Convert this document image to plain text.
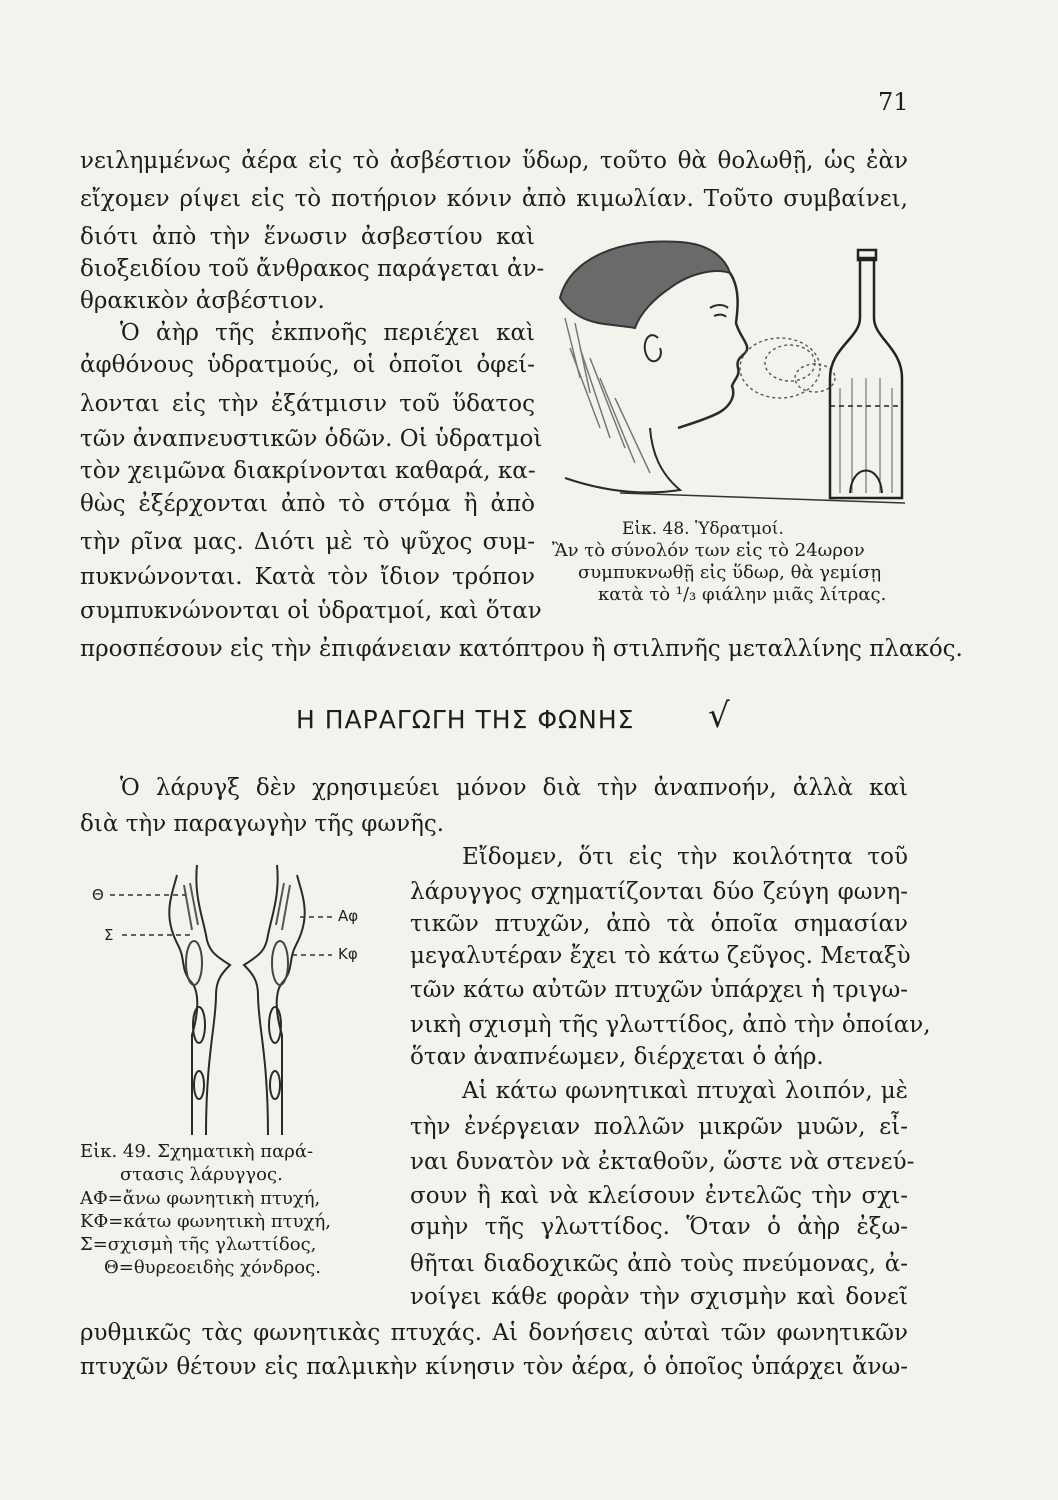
71
νειλημμένως ἀέρα εἰς τὸ ἀσβέστιον ὕδωρ, τοῦτο θὰ θολωθῇ, ὡς ἐὰν
εἴχομεν ρίψει εἰς τὸ ποτήριον κόνιν ἀπὸ κιμωλίαν. Τοῦτο συμβαίνει,
διότι ἀπὸ τὴν ἕνωσιν ἀσβεστίου καὶ
διοξειδίου τοῦ ἄνθρακος παράγεται ἀν-
θρακικὸν ἀσβέστιον.
Ὁ ἀὴρ τῆς ἐκπνοῆς περιέχει καὶ
ἀφθόνους ὑδρατμούς, οἱ ὁποῖοι ὀφεί-
λονται εἰς τὴν ἐξάτμισιν τοῦ ὕδατος
τῶν ἀναπνευστικῶν ὁδῶν. Οἱ ὑδρατμοὶ
τὸν χειμῶνα διακρίνονται καθαρά, κα-
θὼς ἐξέρχονται ἀπὸ τὸ στόμα ἢ ἀπὸ
τὴν ρῖνα μας. Διότι μὲ τὸ ψῦχος συμ-
πυκνώνονται. Κατὰ τὸν ἴδιον τρόπον
συμπυκνώνονται οἱ ὑδρατμοί, καὶ ὅταν
προσπέσουν εἰς τὴν ἐπιφάνειαν κατόπτρου ἢ στιλπνῆς μεταλλίνης πλακός.
Εἰκ. 48. Ὑδρατμοί.
Ἂν τὸ σύνολόν των εἰς τὸ 24ωρον
συμπυκνωθῇ εἰς ὕδωρ, θὰ γεμίσῃ
κατὰ τὸ ¹/₃ φιάλην μιᾶς λίτρας.
Η ΠΑΡΑΓΩΓΗ ΤΗΣ ΦΩΝΗΣ √
Ὁ λάρυγξ δὲν χρησιμεύει μόνον διὰ τὴν ἀναπνοήν, ἀλλὰ καὶ
διὰ τὴν παραγωγὴν τῆς φωνῆς.
Θ
Σ
Αφ
Κφ
Εἰκ. 49. Σχηματικὴ παρά-
στασις λάρυγγος.
ΑΦ=ἄνω φωνητικὴ πτυχή,
ΚΦ=κάτω φωνητικὴ πτυχή,
Σ=σχισμὴ τῆς γλωττίδος,
Θ=θυρεοειδὴς χόνδρος.
Εἴδομεν, ὅτι εἰς τὴν κοιλότητα τοῦ
λάρυγγος σχηματίζονται δύο ζεύγη φωνη-
τικῶν πτυχῶν, ἀπὸ τὰ ὁποῖα σημασίαν
μεγαλυτέραν ἔχει τὸ κάτω ζεῦγος. Μεταξὺ
τῶν κάτω αὐτῶν πτυχῶν ὑπάρχει ἡ τριγω-
νικὴ σχισμὴ τῆς γλωττίδος, ἀπὸ τὴν ὁποίαν,
ὅταν ἀναπνέωμεν, διέρχεται ὁ ἀήρ.
Αἱ κάτω φωνητικαὶ πτυχαὶ λοιπόν, μὲ
τὴν ἐνέργειαν πολλῶν μικρῶν μυῶν, εἶ-
ναι δυνατὸν νὰ ἐκταθοῦν, ὥστε νὰ στενεύ-
σουν ἢ καὶ νὰ κλείσουν ἐντελῶς τὴν σχι-
σμὴν τῆς γλωττίδος. Ὅταν ὁ ἀὴρ ἐξω-
θῆται διαδοχικῶς ἀπὸ τοὺς πνεύμονας, ἀ-
νοίγει κάθε φορὰν τὴν σχισμὴν καὶ δονεῖ
ρυθμικῶς τὰς φωνητικὰς πτυχάς. Αἱ δονήσεις αὐταὶ τῶν φωνητικῶν
πτυχῶν θέτουν εἰς παλμικὴν κίνησιν τὸν ἀέρα, ὁ ὁποῖος ὑπάρχει ἄνω-
